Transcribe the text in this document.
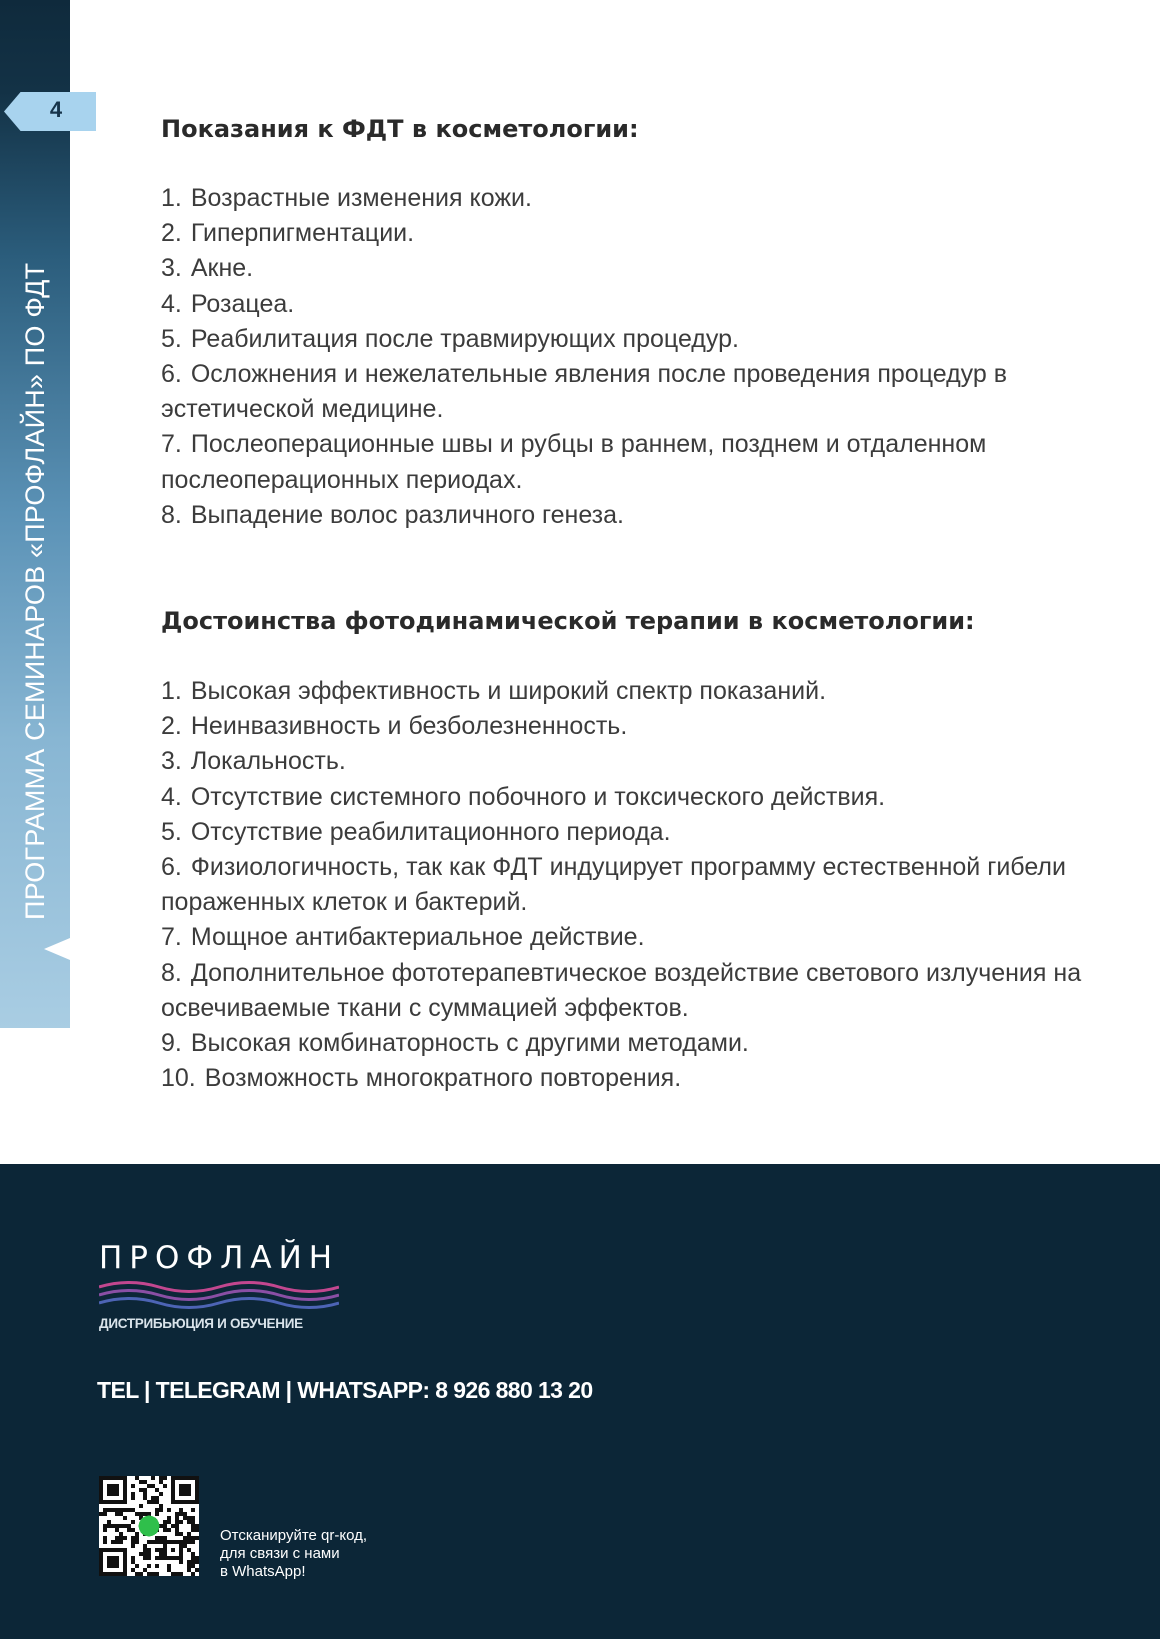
4
ПРОГРАММА СЕМИНАРОВ «ПРОФЛАЙН» ПО ФДТ
Показания к ФДТ в косметологии:
1. Возрастные изменения кожи.
2. Гиперпигментации.
3. Акне.
4. Розацеа.
5. Реабилитация после травмирующих процедур.
6. Осложнения и нежелательные явления после проведения процедур в эстетической медицине.
7. Послеоперационные швы и рубцы в раннем, позднем и отдаленном послеоперационных периодах.
8. Выпадение волос различного генеза.
Достоинства фотодинамической терапии в косметологии:
1. Высокая эффективность и широкий спектр показаний.
2. Неинвазивность и безболезненность.
3. Локальность.
4. Отсутствие системного побочного и токсического действия.
5. Отсутствие реабилитационного периода.
6. Физиологичность, так как ФДТ индуцирует программу естественной гибели пораженных клеток и бактерий.
7. Мощное антибактериальное действие.
8. Дополнительное фототерапевтическое воздействие светового излучения на освечиваемые ткани с суммацией эффектов.
9. Высокая комбинаторность с другими методами.
10. Возможность многократного повторения.
ПРОФЛАЙН
ДИСТРИБЬЮЦИЯ И ОБУЧЕНИЕ
TEL | TELEGRAM | WHATSAPP: 8 926 880 13 20
Отсканируйте qr-код,
для связи с нами
в WhatsApp!
